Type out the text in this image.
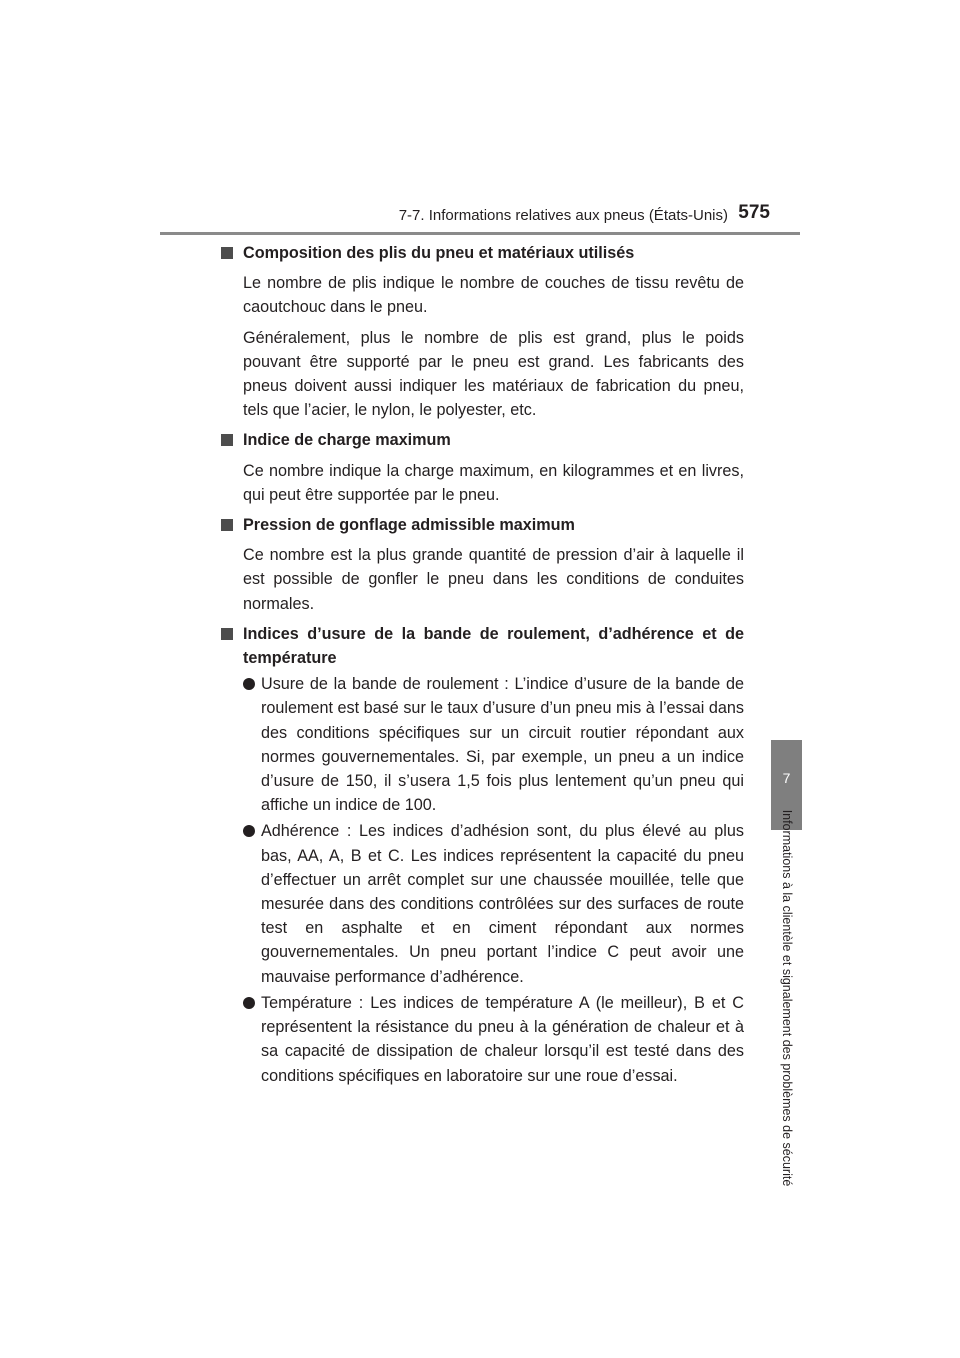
7-7. Informations relatives aux pneus (États-Unis) 575
7
Informations à la clientèle et signalement des problèmes de sécurité
Composition des plis du pneu et matériaux utilisés
Le nombre de plis indique le nombre de couches de tissu revêtu de caoutchouc dans le pneu.
Généralement, plus le nombre de plis est grand, plus le poids pouvant être supporté par le pneu est grand. Les fabricants des pneus doivent aussi indiquer les matériaux de fabrication du pneu, tels que l’acier, le nylon, le polyester, etc.
Indice de charge maximum
Ce nombre indique la charge maximum, en kilogrammes et en livres, qui peut être supportée par le pneu.
Pression de gonflage admissible maximum
Ce nombre est la plus grande quantité de pression d’air à laquelle il est possible de gonfler le pneu dans les conditions de conduites normales.
Indices d’usure de la bande de roulement, d’adhérence et de température
Usure de la bande de roulement : L’indice d’usure de la bande de roulement est basé sur le taux d’usure d’un pneu mis à l’essai dans des conditions spécifiques sur un circuit routier répondant aux normes gouvernementales. Si, par exemple, un pneu a un indice d’usure de 150, il s’usera 1,5 fois plus lentement qu’un pneu qui affiche un indice de 100.
Adhérence : Les indices d’adhésion sont, du plus élevé au plus bas, AA, A, B et C. Les indices représentent la capacité du pneu d’effectuer un arrêt complet sur une chaussée mouillée, telle que mesurée dans des conditions contrôlées sur des surfaces de route test en asphalte et en ciment répondant aux normes gouvernementales. Un pneu portant l’indice C peut avoir une mauvaise performance d’adhérence.
Température : Les indices de température A (le meilleur), B et C représentent la résistance du pneu à la génération de chaleur et à sa capacité de dissipation de chaleur lorsqu’il est testé dans des conditions spécifiques en laboratoire sur une roue d’essai.
